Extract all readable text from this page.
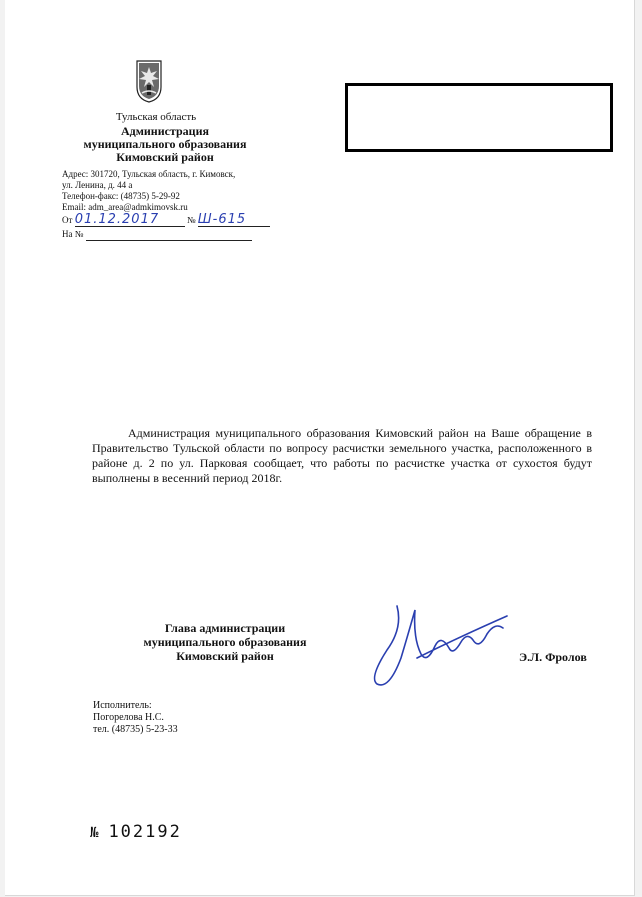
Тульская область
Администрация
муниципального образования
Кимовский район
Адрес: 301720, Тульская область, г. Кимовск,
ул. Ленина, д. 44 а
Телефон-факс: (48735) 5-29-92
Email: adm_area@admkimovsk.ru
От 01.12.2017	№ Ш-615
На №
Администрация муниципального образования Кимовский район на Ваше обращение в Правительство Тульской области по вопросу расчистки земельного участка, расположенного в районе д. 2 по ул. Парковая сообщает, что работы по расчистке участка от сухостоя будут выполнены в весенний период 2018г.
Глава администрации
муниципального образования
Кимовский район	Э.Л. Фролов
Исполнитель:
Погорелова Н.С.
тел. (48735) 5-23-33
№ 102192
